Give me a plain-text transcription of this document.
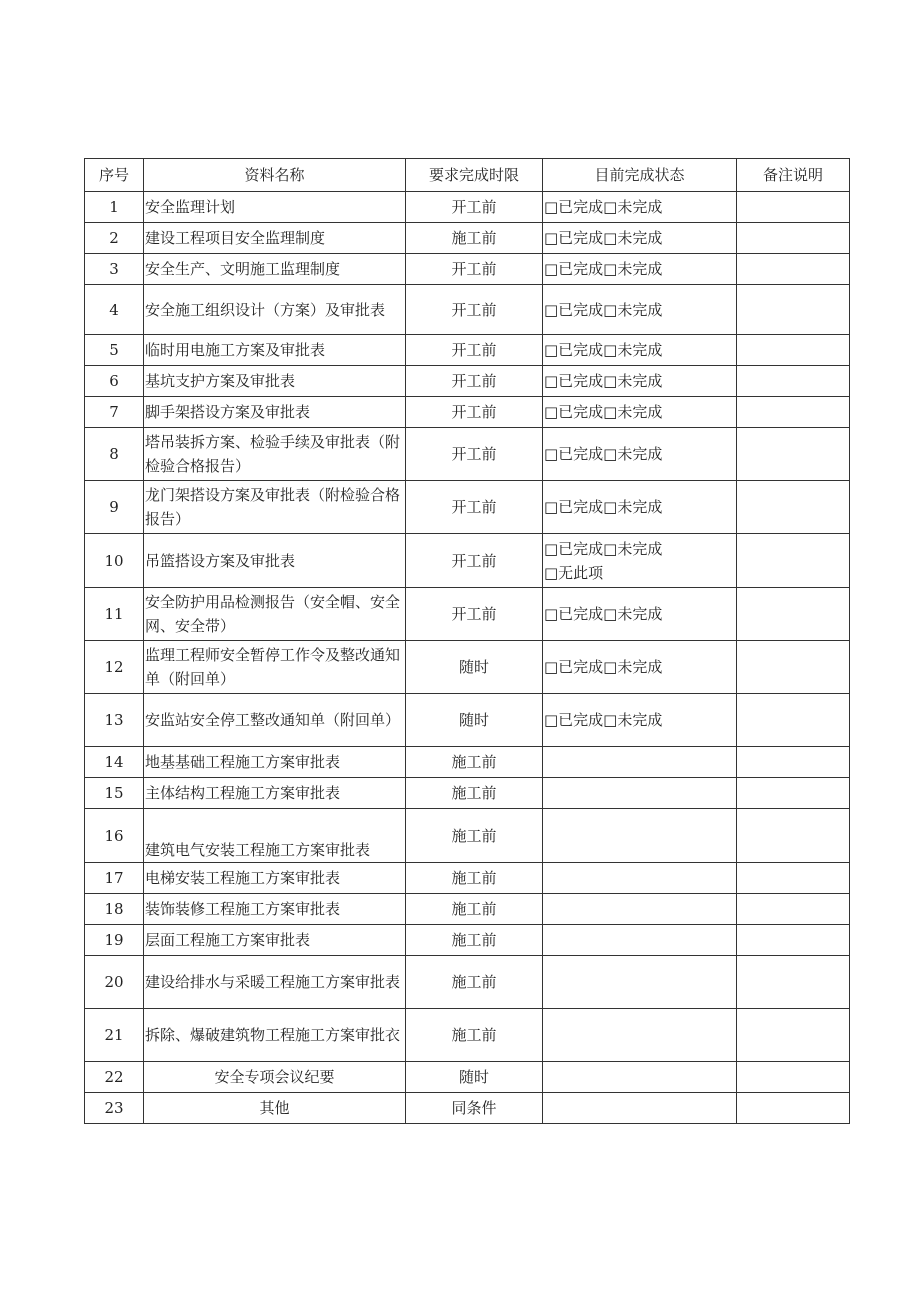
序号	资料名称	要求完成时限	目前完成状态	备注说明
1	安全监理计划	开工前	□已完成□未完成	

2	建设工程项目安全监理制度	施工前	□已完成□未完成	

3	安全生产、文明施工监理制度	开工前	□已完成□未完成	

4	安全施工组织设计（方案）及审批表	开工前	□已完成□未完成	

5	临时用电施工方案及审批表	开工前	□已完成□未完成	

6	基坑支护方案及审批表	开工前	□已完成□未完成	

7	脚手架搭设方案及审批表	开工前	□已完成□未完成	

8	塔吊装拆方案、检验手续及审批表（附检验合格报告）	开工前	□已完成□未完成	

9	龙门架搭设方案及审批表（附检验合格报告）	开工前	□已完成□未完成	

10	吊篮搭设方案及审批表	开工前	□已完成□未完成
□无此项	

11	安全防护用品检测报告（安全帽、安全网、安全带）	开工前	□已完成□未完成	

12	监理工程师安全暂停工作令及整改通知单（附回单）	随时	□已完成□未完成	

13	安监站安全停工整改通知单（附回单）	随时	□已完成□未完成	

14	地基基础工程施工方案审批表	施工前		
15	主体结构工程施工方案审批表	施工前		
16	建筑电气安装工程施工方案审批表	施工前		
17	电梯安装工程施工方案审批表	施工前		
18	装饰装修工程施工方案审批表	施工前		
19	层面工程施工方案审批表	施工前		
20	建设给排水与采暖工程施工方案审批表	施工前		
21	拆除、爆破建筑物工程施工方案审批衣	施工前		
22	安全专项会议纪要	随时		
23	其他	同条件		
